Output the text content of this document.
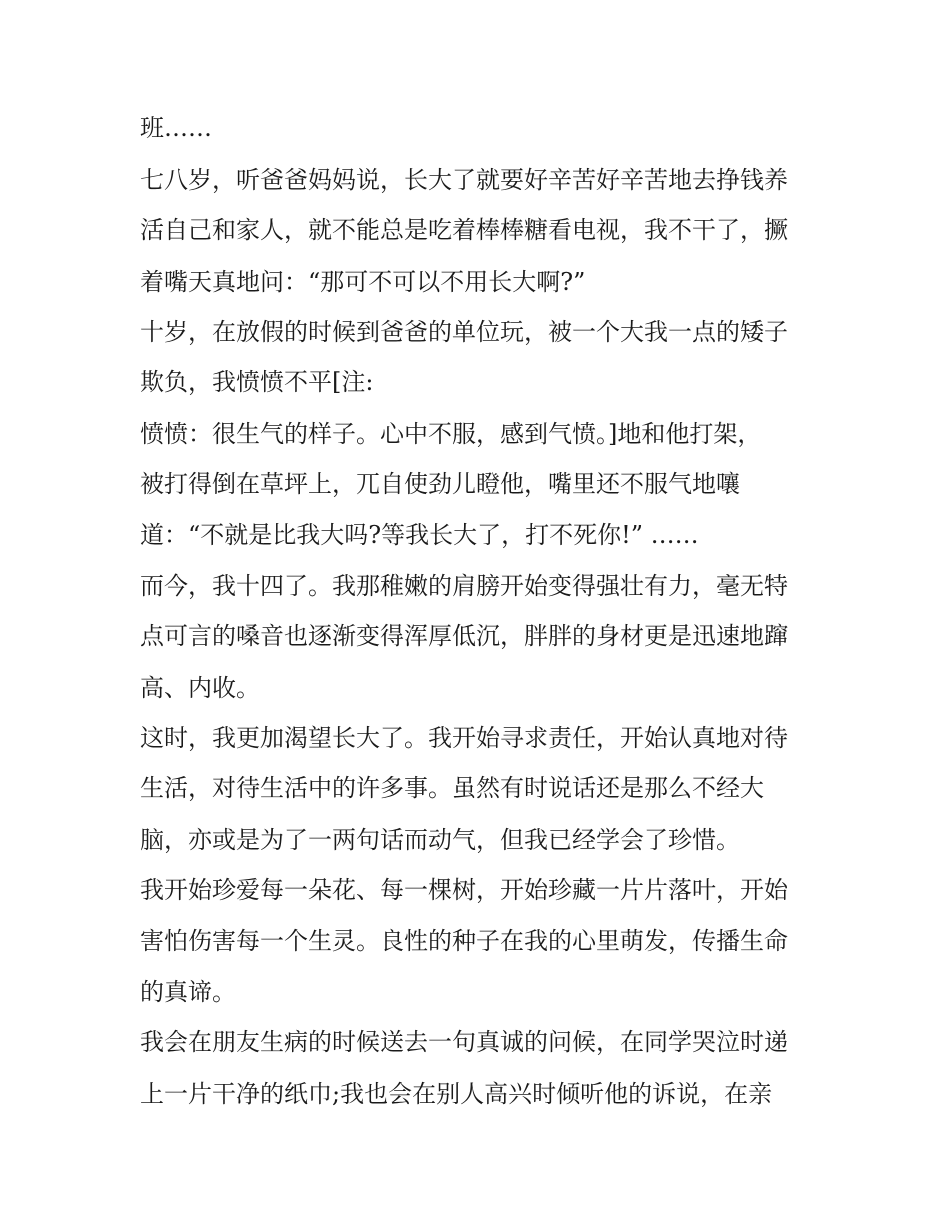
班……
七八岁，听爸爸妈妈说，长大了就要好辛苦好辛苦地去挣钱养
活自己和家人，就不能总是吃着棒棒糖看电视，我不干了，撅
着嘴天真地问：“那可不可以不用长大啊?”
十岁，在放假的时候到爸爸的单位玩，被一个大我一点的矮子
欺负，我愤愤不平[注:
愤愤：很生气的样子。心中不服，感到气愤。]地和他打架，
被打得倒在草坪上，兀自使劲儿瞪他，嘴里还不服气地嚷
道：“不就是比我大吗?等我长大了，打不死你!” ……
而今，我十四了。我那稚嫩的肩膀开始变得强壮有力，毫无特
点可言的嗓音也逐渐变得浑厚低沉，胖胖的身材更是迅速地蹿
高、内收。
这时，我更加渴望长大了。我开始寻求责任，开始认真地对待
生活，对待生活中的许多事。虽然有时说话还是那么不经大
脑，亦或是为了一两句话而动气，但我已经学会了珍惜。
我开始珍爱每一朵花、每一棵树，开始珍藏一片片落叶，开始
害怕伤害每一个生灵。良性的种子在我的心里萌发，传播生命
的真谛。
我会在朋友生病的时候送去一句真诚的问候，在同学哭泣时递
上一片干净的纸巾;我也会在别人高兴时倾听他的诉说，在亲
